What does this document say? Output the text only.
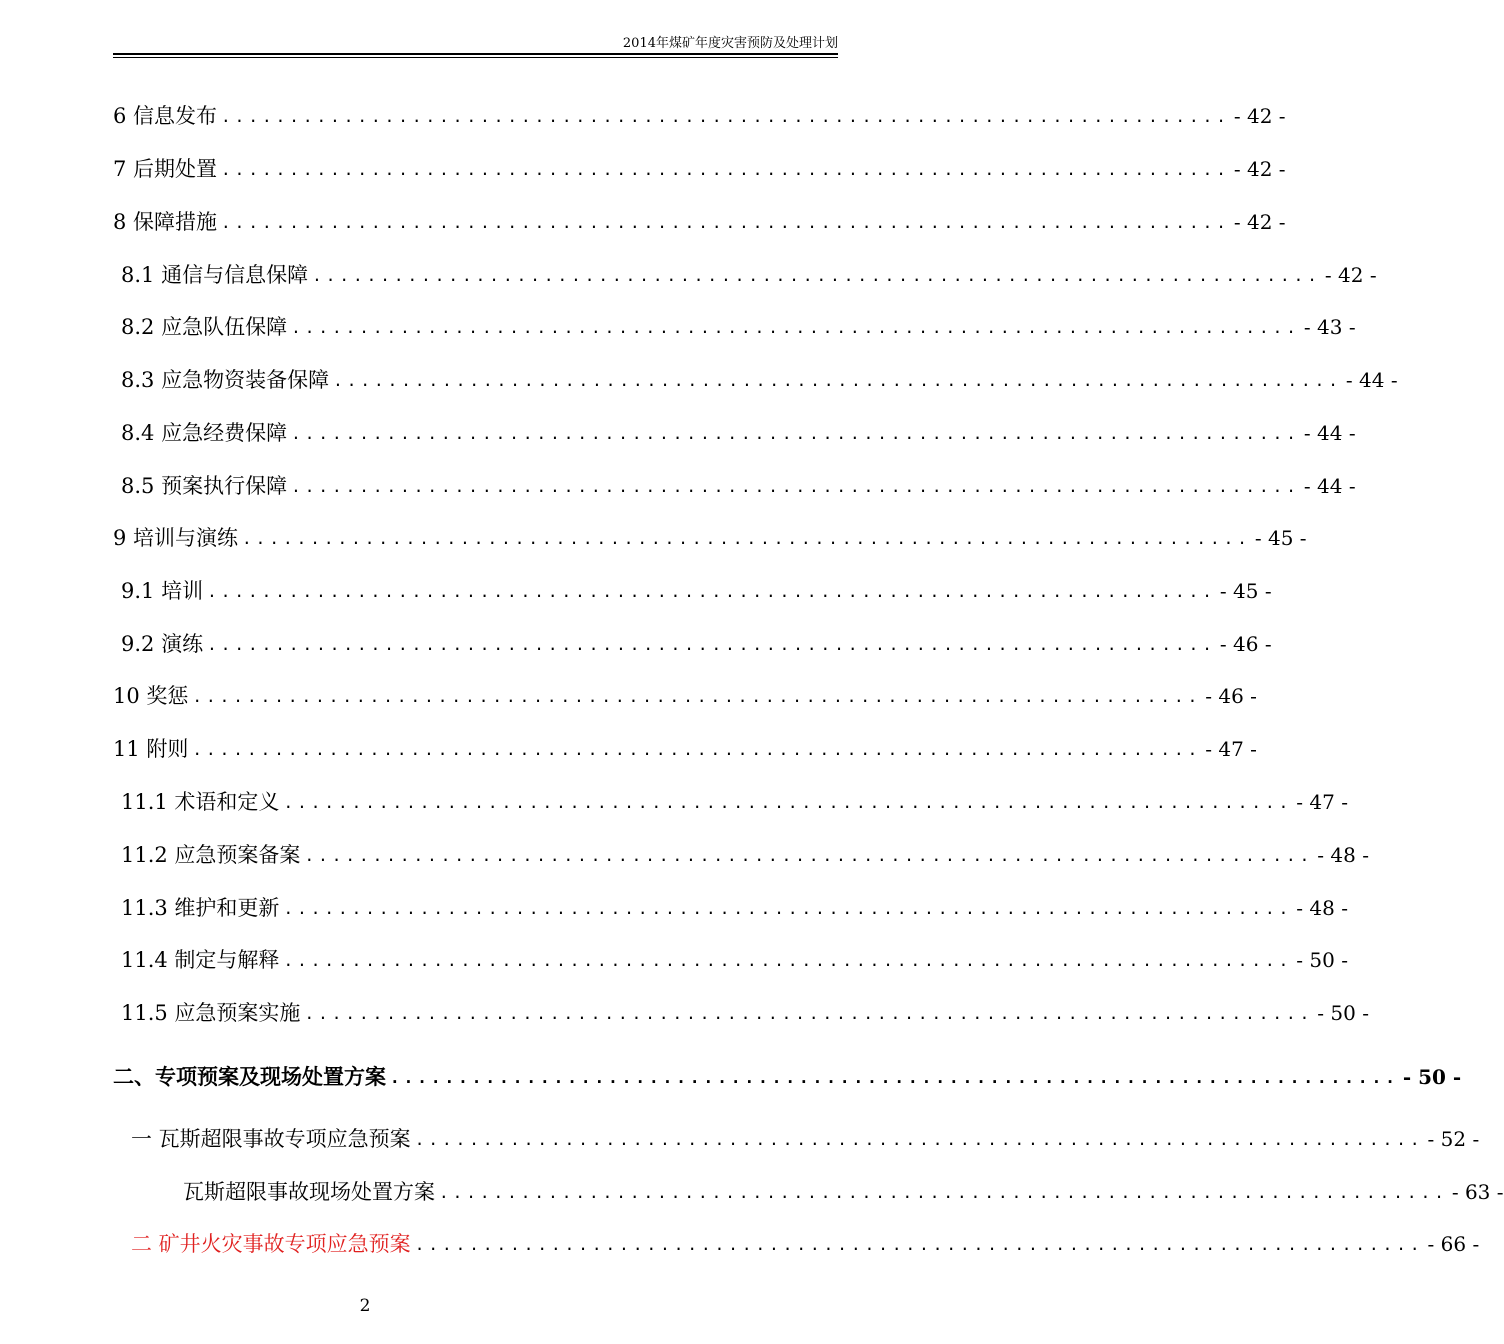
2014年煤矿年度灾害预防及处理计划
6 信息发布 .......................................................................... - 42 -
7 后期处置 .......................................................................... - 42 -
8 保障措施 .......................................................................... - 42 -
8.1 通信与信息保障 .......................................................................... - 42 -
8.2 应急队伍保障 .......................................................................... - 43 -
8.3 应急物资装备保障 .......................................................................... - 44 -
8.4 应急经费保障 .......................................................................... - 44 -
8.5 预案执行保障 .......................................................................... - 44 -
9 培训与演练 .......................................................................... - 45 -
9.1 培训 .......................................................................... - 45 -
9.2 演练 .......................................................................... - 46 -
10 奖惩 .......................................................................... - 46 -
11 附则 .......................................................................... - 47 -
11.1 术语和定义 .......................................................................... - 47 -
11.2 应急预案备案 .......................................................................... - 48 -
11.3 维护和更新 .......................................................................... - 48 -
11.4 制定与解释 .......................................................................... - 50 -
11.5 应急预案实施 .......................................................................... - 50 -
二、专项预案及现场处置方案 .......................................................................... - 50 -
一 瓦斯超限事故专项应急预案 .......................................................................... - 52 -
瓦斯超限事故现场处置方案 .......................................................................... - 63 -
二 矿井火灾事故专项应急预案 .......................................................................... - 66 -
2
